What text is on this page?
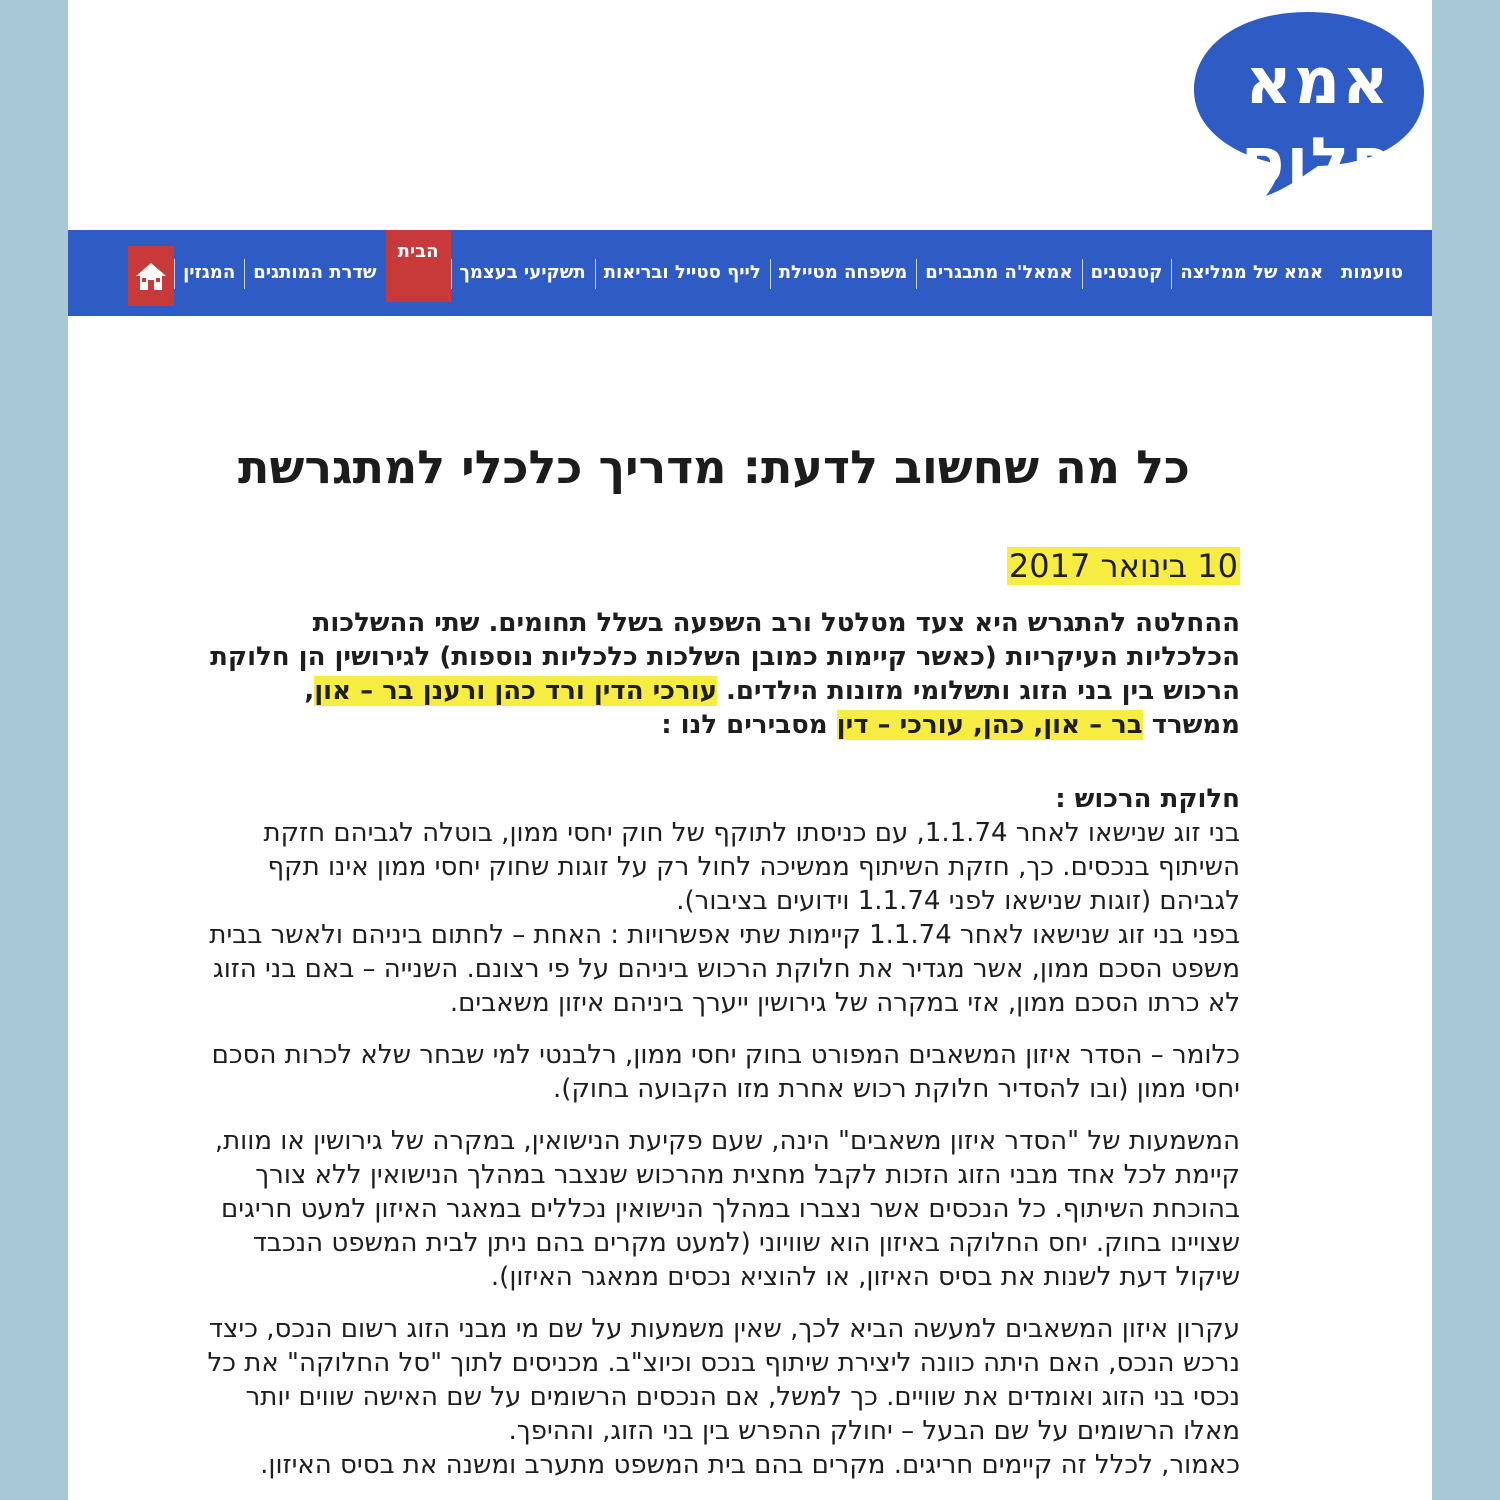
אמא פלוס
המגזין	שדרת המותגים
הבית
תשקיעי בעצמך	לייף סטייל ובריאות	משפחה מטיילת	אמאל'ה מתבגרים	קטנטנים	אמא של ממליצה	טועמות
כל מה שחשוב לדעת: מדריך כלכלי למתגרשת
10 בינואר 2017

ההחלטה להתגרש היא צעד מטלטל ורב השפעה בשלל תחומים. שתי ההשלכות הכלכליות העיקריות (כאשר קיימות כמובן השלכות כלכליות נוספות) לגירושין הן חלוקת הרכוש בין בני הזוג ותשלומי מזונות הילדים. עורכי הדין ורד כהן ורענן בר – און, ממשרד בר – און, כהן, עורכי – דין מסבירים לנו :

חלוקת הרכוש :
בני זוג שנישאו לאחר 1.1.74, עם כניסתו לתוקף של חוק יחסי ממון, בוטלה לגביהם חזקת השיתוף בנכסים. כך, חזקת השיתוף ממשיכה לחול רק על זוגות שחוק יחסי ממון אינו תקף לגביהם (זוגות שנישאו לפני 1.1.74 וידועים בציבור).
בפני בני זוג שנישאו לאחר 1.1.74 קיימות שתי אפשרויות : האחת – לחתום ביניהם ולאשר בבית משפט הסכם ממון, אשר מגדיר את חלוקת הרכוש ביניהם על פי רצונם. השנייה – באם בני הזוג לא כרתו הסכם ממון, אזי במקרה של גירושין ייערך ביניהם איזון משאבים.
כלומר – הסדר איזון המשאבים המפורט בחוק יחסי ממון, רלבנטי למי שבחר שלא לכרות הסכם יחסי ממון (ובו להסדיר חלוקת רכוש אחרת מזו הקבועה בחוק).
המשמעות של "הסדר איזון משאבים" הינה, שעם פקיעת הנישואין, במקרה של גירושין או מוות, קיימת לכל אחד מבני הזוג הזכות לקבל מחצית מהרכוש שנצבר במהלך הנישואין ללא צורך בהוכחת השיתוף. כל הנכסים אשר נצברו במהלך הנישואין נכללים במאגר האיזון למעט חריגים שצויינו בחוק. יחס החלוקה באיזון הוא שוויוני (למעט מקרים בהם ניתן לבית המשפט הנכבד שיקול דעת לשנות את בסיס האיזון, או להוציא נכסים ממאגר האיזון).
עקרון איזון המשאבים למעשה הביא לכך, שאין משמעות על שם מי מבני הזוג רשום הנכס, כיצד נרכש הנכס, האם היתה כוונה ליצירת שיתוף בנכס וכיוצ"ב. מכניסים לתוך "סל החלוקה" את כל נכסי בני הזוג ואומדים את שוויים. כך למשל, אם הנכסים הרשומים על שם האישה שווים יותר מאלו הרשומים על שם הבעל – יחולק ההפרש בין בני הזוג, וההיפך.
כאמור, לכלל זה קיימים חריגים. מקרים בהם בית המשפט מתערב ומשנה את בסיס האיזון.
